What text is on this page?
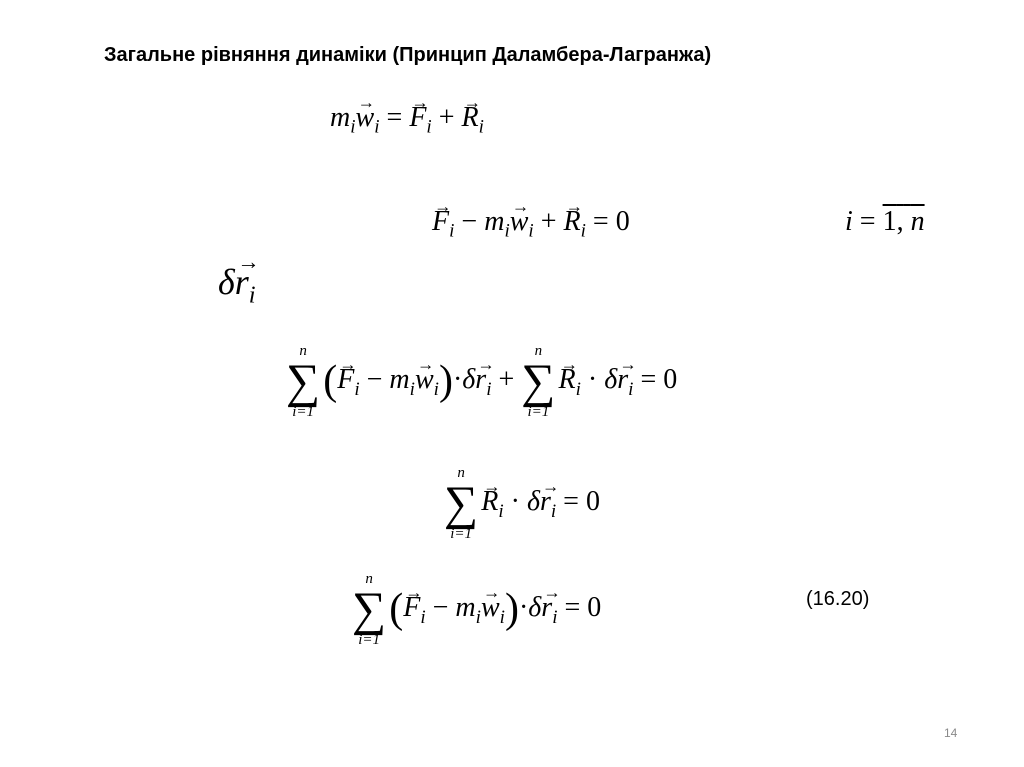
Загальне рівняння динаміки (Принцип Даламбера-Лагранжа)
$m_i\to w_i$ = → $F_i$ + → $R_i$
→ $F_i - m_i\to w_i$ + → $R_i = 0$	i = 1, n
$\delta\to r_i$
n
∑
i=1
(→ $F_i - m_i\to w_i)\cdot\delta\to r_i$ +
n
∑
i=1
→ $R_i \cdot \delta\to r_i = 0$
n
∑
i=1
→ $R_i \cdot \delta\to r_i = 0$
n
∑
i=1
(→ $F_i - m_i\to w_i)\cdot\delta\to r_i = 0$	(16.20)
14
